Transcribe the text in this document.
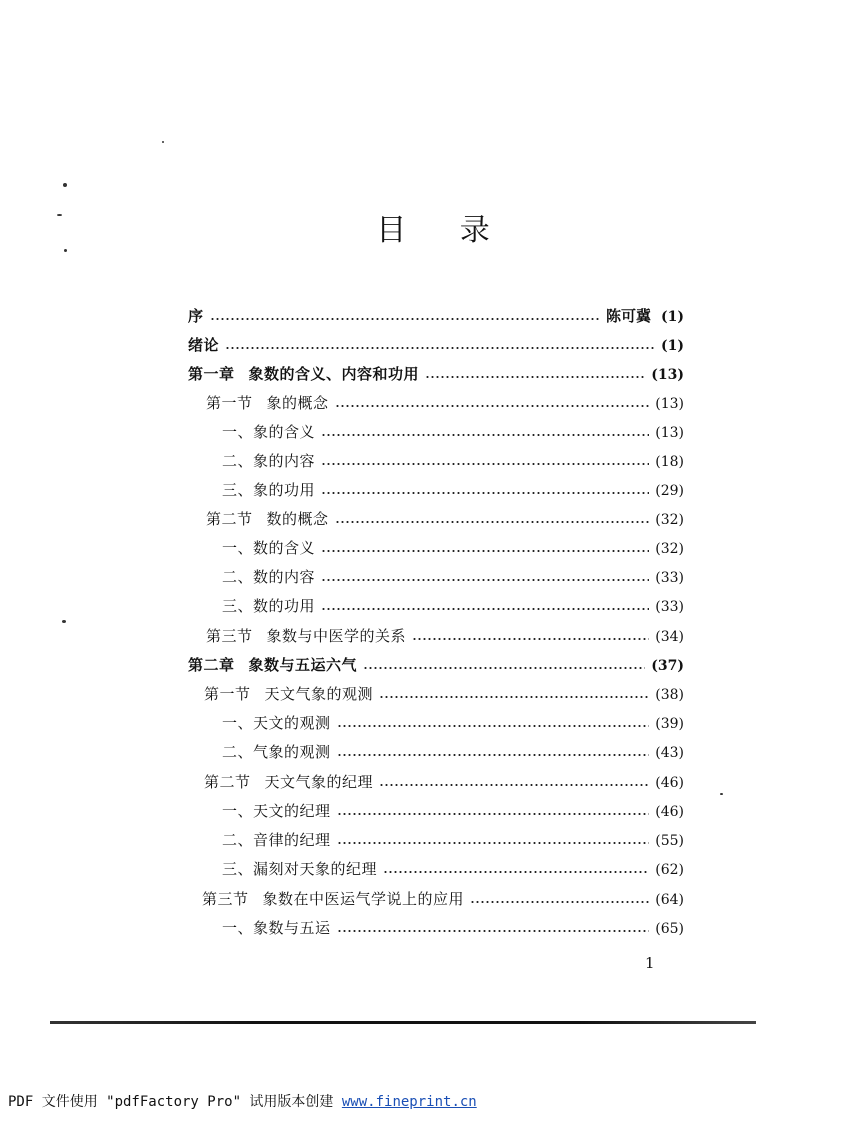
目 录
序	陈可冀 (1)
绪论	(1)
第一章 象数的含义、内容和功用	(13)
第一节 象的概念	(13)
一、象的含义	(13)
二、象的内容	(18)
三、象的功用	(29)
第二节 数的概念	(32)
一、数的含义	(32)
二、数的内容	(33)
三、数的功用	(33)
第三节 象数与中医学的关系	(34)
第二章 象数与五运六气	(37)
第一节 天文气象的观测	(38)
一、天文的观测	(39)
二、气象的观测	(43)
第二节 天文气象的纪理	(46)
一、天文的纪理	(46)
二、音律的纪理	(55)
三、漏刻对天象的纪理	(62)
第三节 象数在中医运气学说上的应用	(64)
一、象数与五运	(65)
1
PDF 文件使用 "pdfFactory Pro" 试用版本创建 www.fineprint.cn
